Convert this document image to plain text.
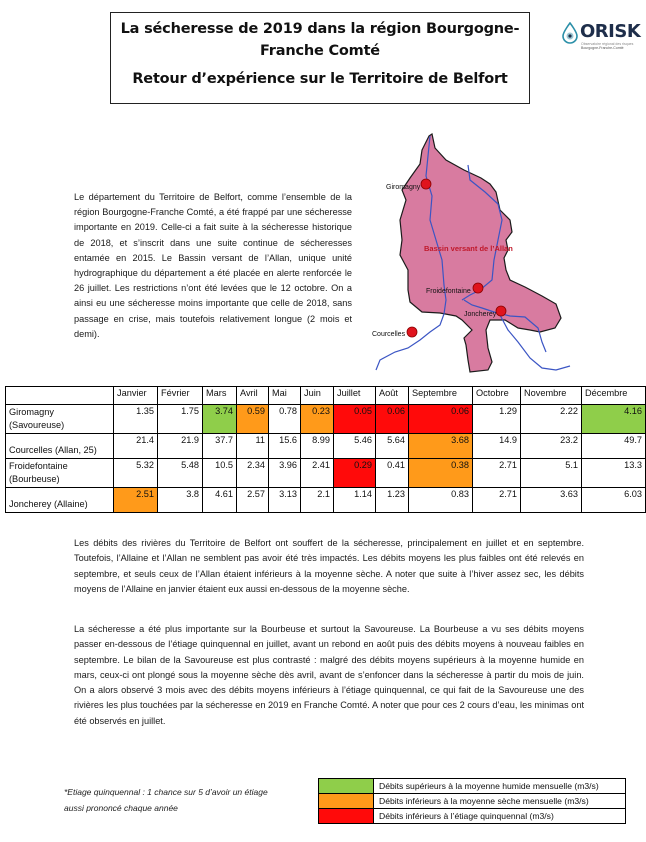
La sécheresse de 2019 dans la région Bourgogne-
Franche Comté
Retour d’expérience sur le Territoire de Belfort
ORISK
Observatoire régional des risques
Bourgogne-Franche-Comté
Le département du Territoire de Belfort, comme l’ensemble de la région Bourgogne-Franche Comté, a été frappé par une sécheresse importante en 2019. Celle-ci a fait suite à la sécheresse historique de 2018, et s’inscrit dans une suite continue de sécheresses entamée en 2015. Le Bassin versant de l’Allan, unique unité hydrographique du département a été placée en alerte renforcée le 26 juillet. Les restrictions n’ont été levées que le 12 octobre. On a ainsi eu une sécheresse moins importante que celle de 2018, sans passage en crise, mais toutefois relativement longue (2 mois et demi).
Giromagny
Froidefontaine
Joncherey
Courcelles
Bassin versant de l’Allan
	Janvier	Février	Mars	Avril	Mai	Juin	Juillet	Août	Septembre	Octobre	Novembre	Décembre
Giromagny (Savoureuse)	1.35	1.75	3.74	0.59	0.78	0.23	0.05	0.06	0.06	1.29	2.22	4.16
Courcelles (Allan, 25)	21.4	21.9	37.7	11	15.6	8.99	5.46	5.64	3.68	14.9	23.2	49.7
Froidefontaine (Bourbeuse)	5.32	5.48	10.5	2.34	3.96	2.41	0.29	0.41	0.38	2.71	5.1	13.3
Joncherey (Allaine)	2.51	3.8	4.61	2.57	3.13	2.1	1.14	1.23	0.83	2.71	3.63	6.03
Les débits des rivières du Territoire de Belfort ont souffert de la sécheresse, principalement en juillet et en septembre. Toutefois, l’Allaine et l’Allan ne semblent pas avoir été très impactés. Les débits moyens les plus faibles ont été relevés en septembre, et seuls ceux de l’Allan étaient inférieurs à la moyenne sèche. A noter que suite à l’hiver assez sec, les débits moyens de l’Allaine en janvier étaient eux aussi en-dessous de la moyenne sèche.
La sécheresse a été plus importante sur la Bourbeuse et surtout la Savoureuse. La Bourbeuse a vu ses débits moyens passer en-dessous de l’étiage quinquennal en juillet, avant un rebond en août puis des débits moyens à nouveau faibles en septembre. Le bilan de la Savoureuse est plus contrasté : malgré des débits moyens supérieurs à la moyenne humide en mars, ceux-ci ont plongé sous la moyenne sèche dès avril, avant de s’enfoncer dans la sécheresse à partir du mois de juin. On a alors observé 3 mois avec des débits moyens inférieurs à l’étiage quinquennal, ce qui fait de la Savoureuse une des rivières les plus touchées par la sécheresse en 2019 en Franche Comté. A noter que pour ces 2 cours d’eau, les minimas ont été observés en juillet.
*Etiage quinquennal : 1 chance sur 5 d’avoir un étiage aussi prononcé chaque année
	Débits supérieurs à la moyenne humide mensuelle (m3/s)
	Débits inférieurs à la moyenne sèche mensuelle (m3/s)
	Débits inférieurs à l’étiage quinquennal (m3/s)
